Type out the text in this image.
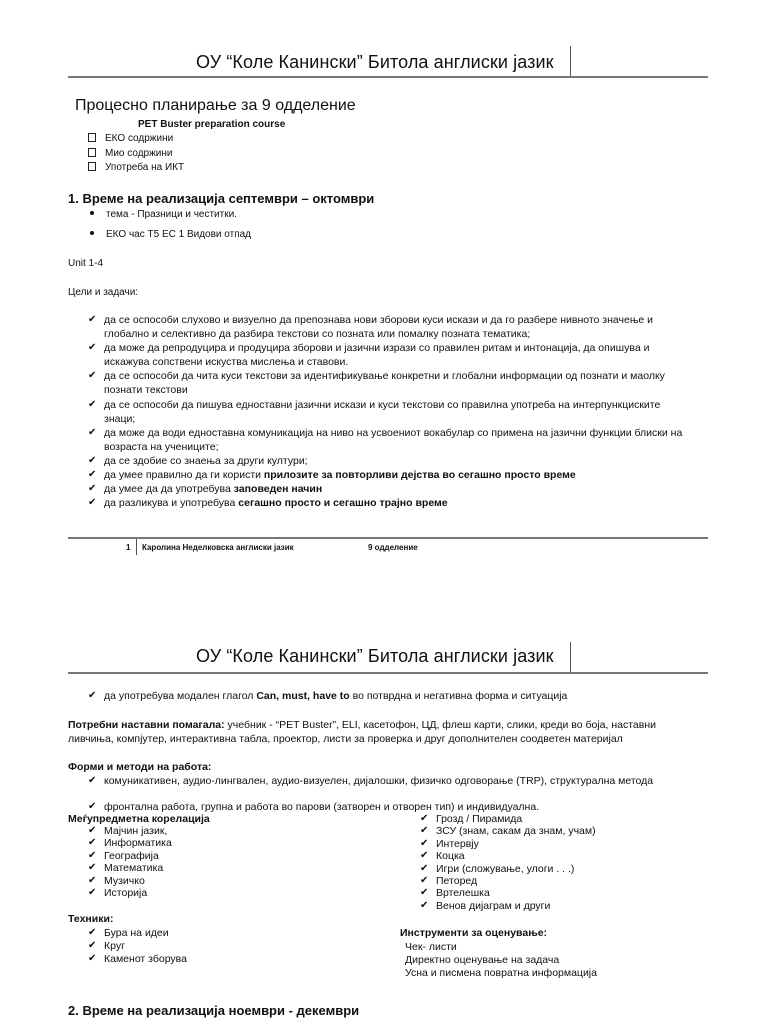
ОУ “Коле Канински” Битола англиски јазик
Процесно планирање за 9 одделение
PET Buster preparation course
ЕКО содржини
Мио содржини
Употреба на ИКТ
1. Време на реализација септември – октомври
тема - Празници и честитки.
ЕКО час Т5 ЕС 1 Видови отпад
Unit 1-4
Цели и задачи:
✔ да се оспособи слухово и визуелно да препознава нови зборови куси искази и да го разбере нивното значење и
глобално и селективно да разбира текстови со позната или помалку позната тематика;
✔ да може да репродуцира и продуцира зборови и јазични изрази со правилен ритам и интонација, да опишува и
искажува сопствени искуства мислења и ставови.
✔ да се оспособи да чита куси текстови за идентификување конкретни и глобални информации од познати и маолку
познати текстови
✔ да се оспособи да пишува едноставни јазични искази и куси текстови со правилна употреба на интерпункциските
знаци;
✔ да може да води едноставна комуникација на ниво на усвоениот вокабулар со примена на јазични функции блиски на
возраста на учениците;
✔ да се здобие со знаења за други култури;
✔ да умее правилно да ги користи прилозите за повторливи дејства во сегашно просто време
✔ да умее да да употребува заповеден начин
✔ да разликува и употребува сегашно просто и сегашно трајно време
1 Каролина Неделковска англиски јазик	9 одделение
ОУ “Коле Канински” Битола англиски јазик
✔ да употребува модален глагол Can, must, have to во потврдна и негативна форма и ситуација
Потребни наставни помагала: учебник - “PET Buster”, ELI, касетофон, ЦД, флеш карти, слики, креди во боја, наставни
ливчиња, компјутер, интерактивна табла, проектор, листи за проверка и друг дополнителен соодветен материјал
Форми и методи на работа:
✔ комуникативен, аудио-лингвален, аудио-визуелен, дијалошки, физичко одговорање (TRP), структурална метода
✔ фронтална работа, групна и работа во парови (затворен и отворен тип) и индивидуална.
Меѓупредметна корелација
✔ Мајчин јазик,
✔ Информатика
✔ Географија
✔ Математика
✔ Музичко
✔ Историја
✔ Грозд / Пирамида
✔ ЗСУ (знам, сакам да знам, учам)
✔ Интервју
✔ Коцка
✔ Игри (сложување, улоги . . .)
✔ Петоред
✔ Вртелешка
✔ Венов дијаграм и други
Техники:
✔ Бура на идеи
✔ Круг
✔ Каменот зборува
Инструменти за оценување:
Чек- листи
Директно оценување на задача
Усна и писмена повратна информација
2. Време на реализација ноември - декември
